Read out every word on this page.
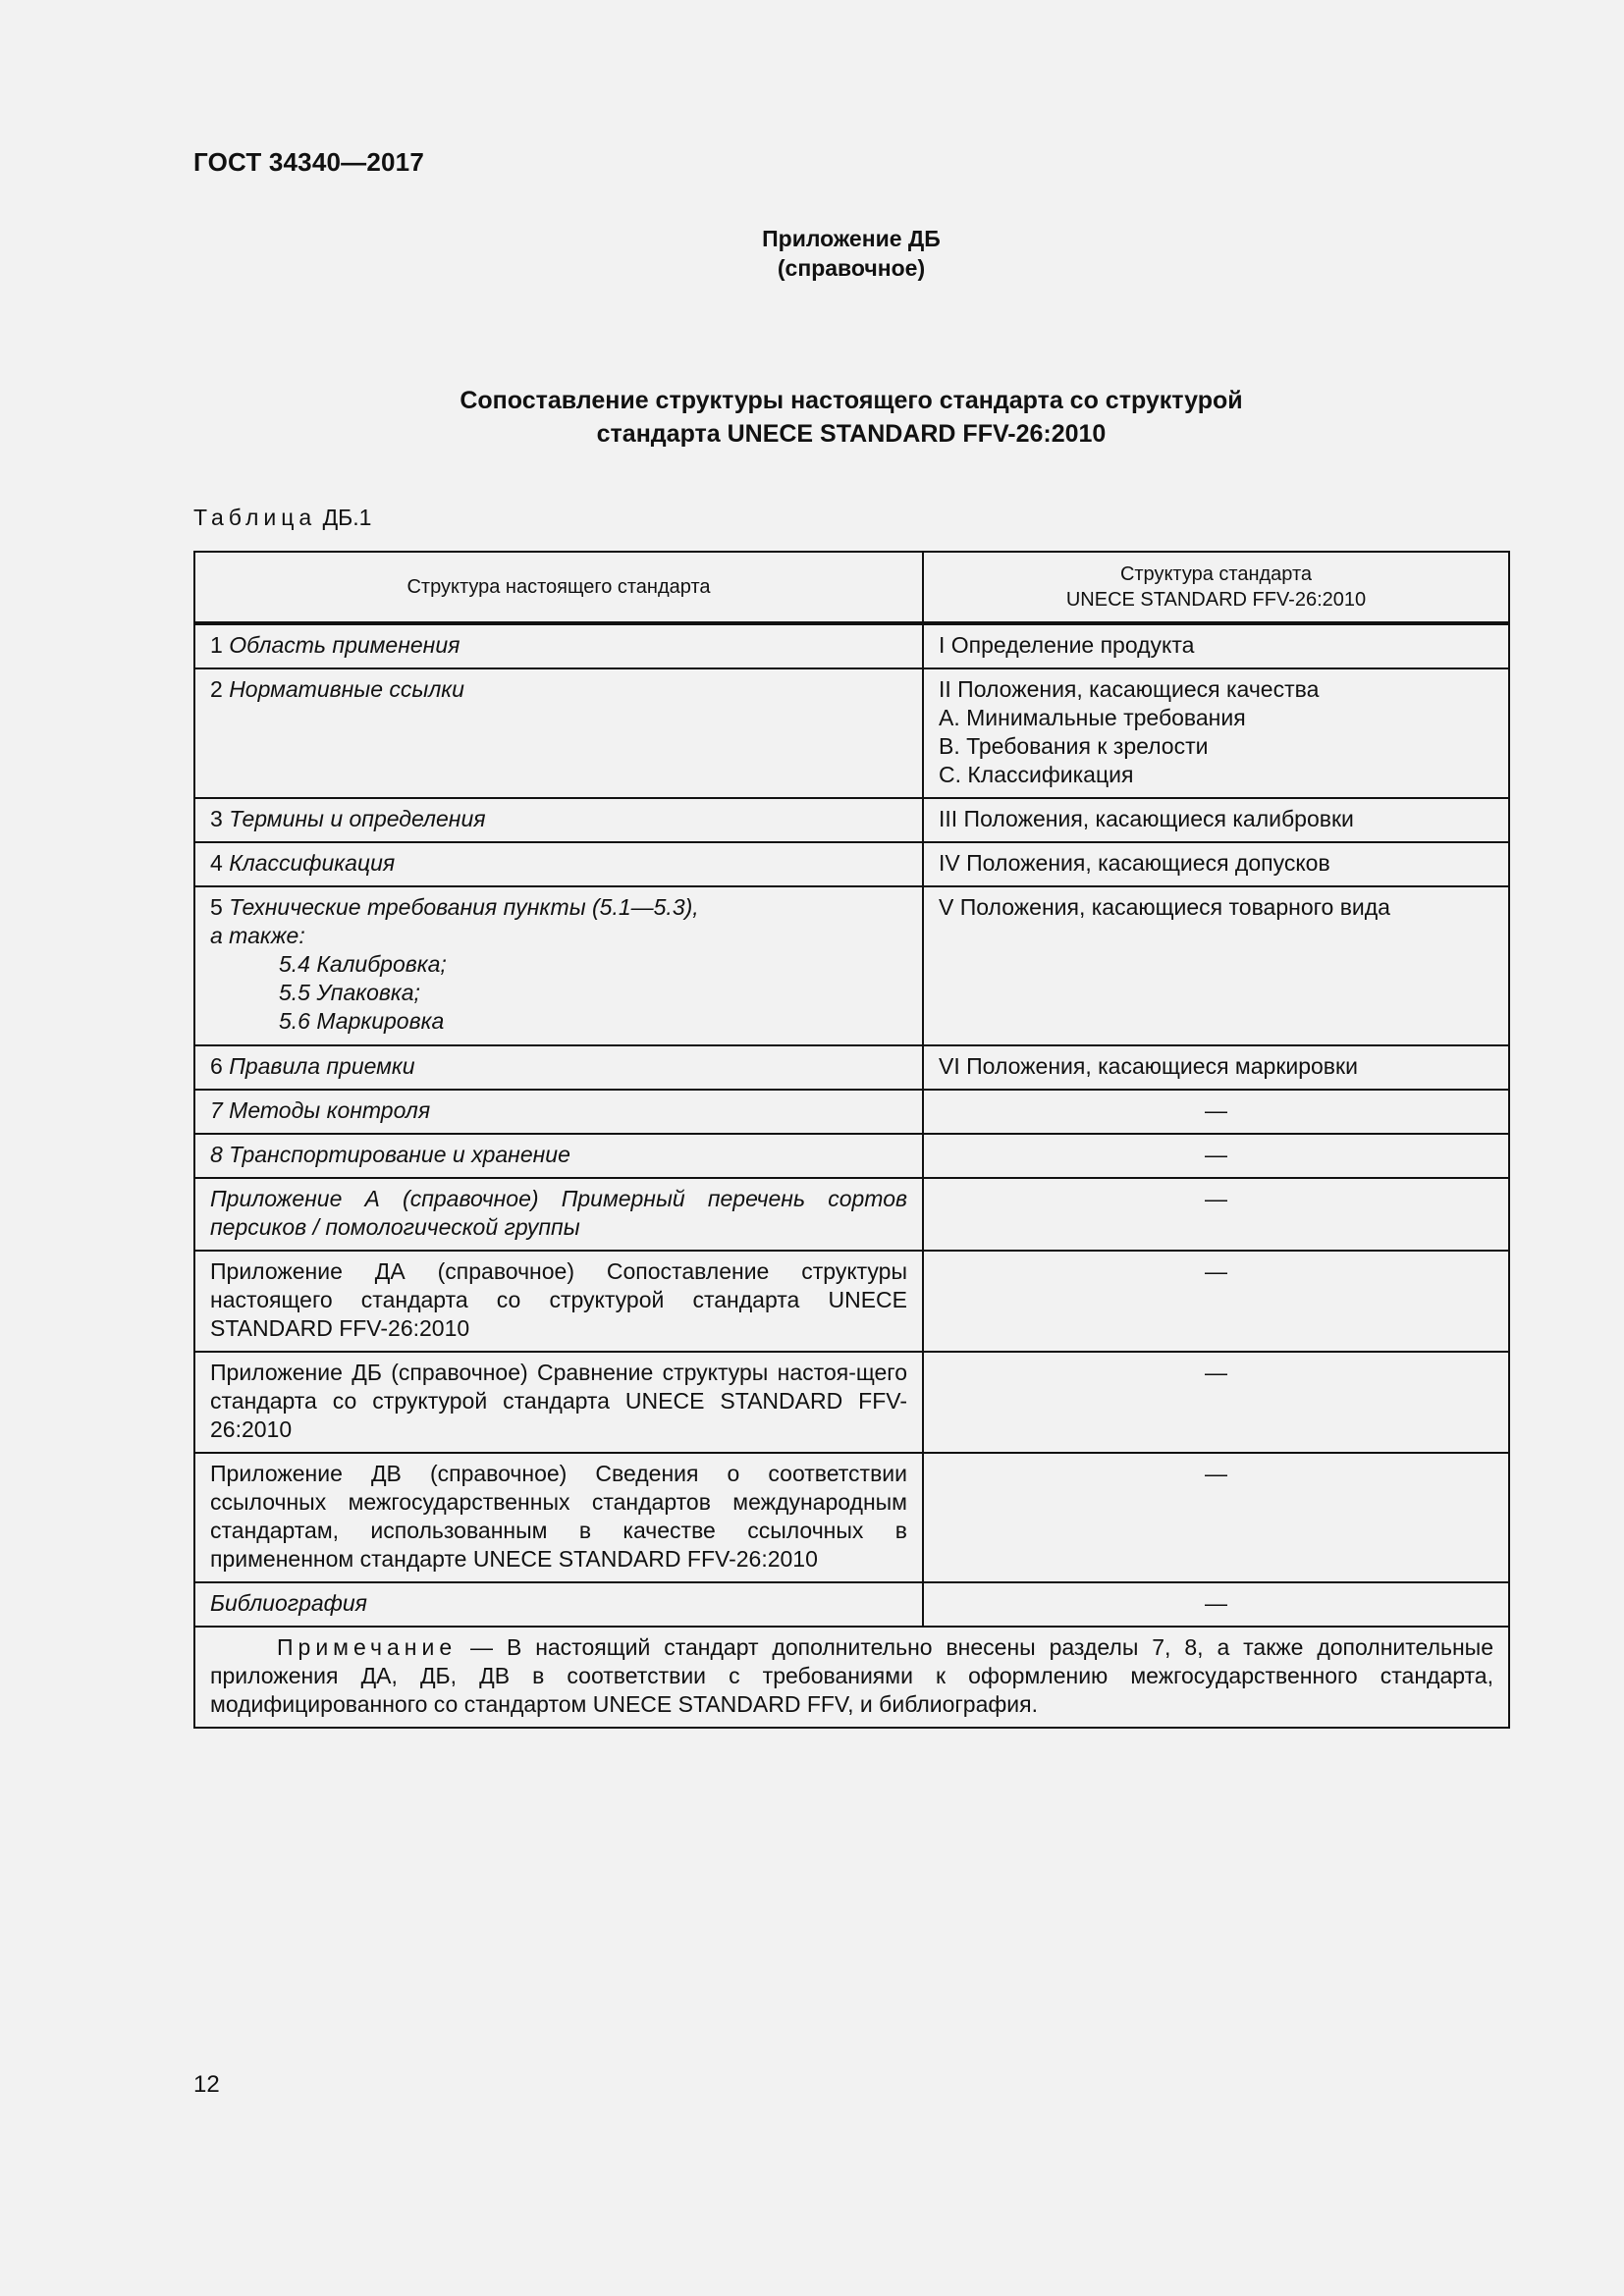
ГОСТ 34340—2017
Приложение ДБ
(справочное)
Сопоставление структуры настоящего стандарта со структурой
стандарта UNECE STANDARD FFV-26:2010
Таблица ДБ.1
Структура настоящего стандарта	Структура стандарта
UNECE STANDARD FFV-26:2010

1 Область применения	I Определение продукта
2 Нормативные ссылки	II Положения, касающиеся качества
A. Минимальные требования
B. Требования к зрелости
C. Классификация

3 Термины и определения	III Положения, касающиеся калибровки
4 Классификация	IV Положения, касающиеся допусков

5 Технические требования пункты (5.1—5.3),
а также:
5.4 Калибровка;
5.5 Упаковка;
5.6 Маркировка	V Положения, касающиеся товарного вида
6 Правила приемки	VI Положения, касающиеся маркировки
7 Методы контроля	—
8 Транспортирование и хранение	—
Приложение А (справочное) Примерный перечень сортов персиков / помологической группы	—
Приложение ДА (справочное) Сопоставление структуры настоящего стандарта со структурой стандарта UNECE STANDARD FFV-26:2010	—
Приложение ДБ (справочное) Сравнение структуры настоя-щего стандарта со структурой стандарта UNECE STANDARD FFV-26:2010	—
Приложение ДВ (справочное) Сведения о соответствии ссылочных межгосударственных стандартов международным стандартам, использованным в качестве ссылочных в примененном стандарте UNECE STANDARD FFV-26:2010	—
Библиография	—
Примечание — В настоящий стандарт дополнительно внесены разделы 7, 8, а также дополнительные приложения ДА, ДБ, ДВ в соответствии с требованиями к оформлению межгосударственного стандарта, модифицированного со стандартом UNECE STANDARD FFV, и библиография.	
12
